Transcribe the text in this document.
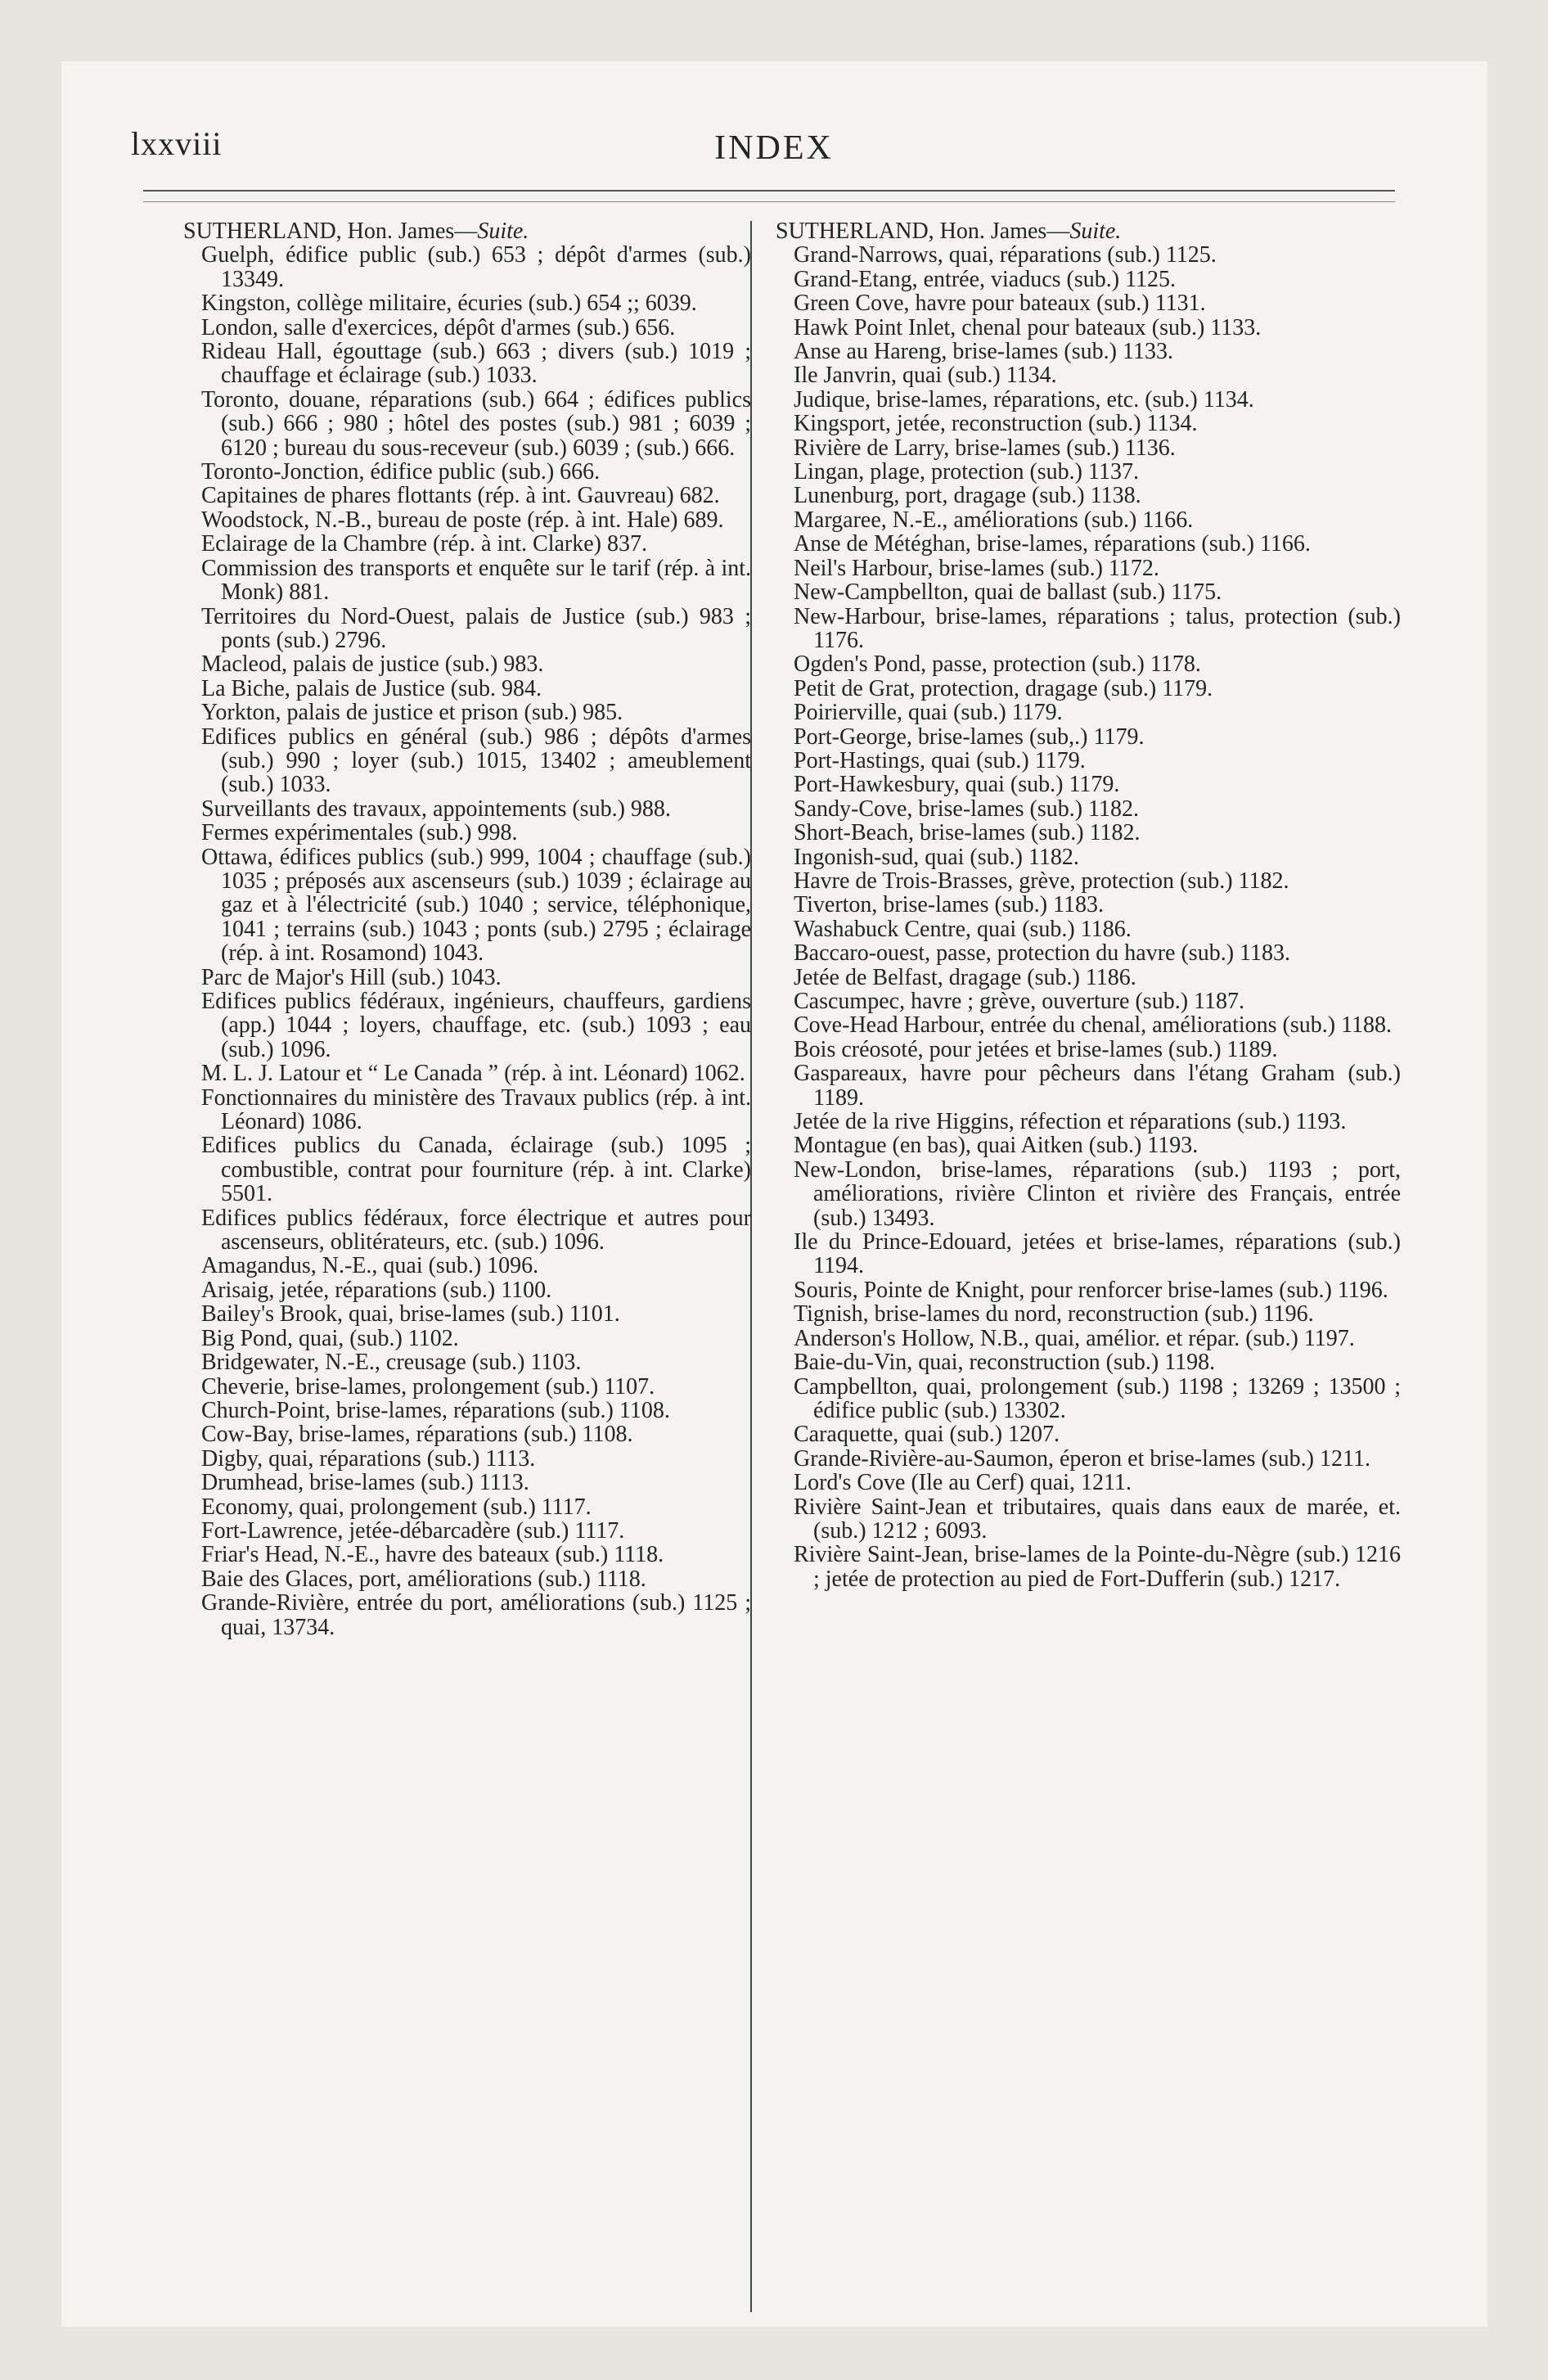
lxxviii	INDEX
SUTHERLAND, Hon. James—Suite.
Guelph, édifice public (sub.) 653 ; dépôt d'armes (sub.) 13349.
Kingston, collège militaire, écuries (sub.) 654 ;; 6039.
London, salle d'exercices, dépôt d'armes (sub.) 656.
Rideau Hall, égouttage (sub.) 663 ; divers (sub.) 1019 ; chauffage et éclairage (sub.) 1033.
Toronto, douane, réparations (sub.) 664 ; édifices publics (sub.) 666 ; 980 ; hôtel des postes (sub.) 981 ; 6039 ; 6120 ; bureau du sous-receveur (sub.) 6039 ; (sub.) 666.
Toronto-Jonction, édifice public (sub.) 666.
Capitaines de phares flottants (rép. à int. Gauvreau) 682.
Woodstock, N.-B., bureau de poste (rép. à int. Hale) 689.
Eclairage de la Chambre (rép. à int. Clarke) 837.
Commission des transports et enquête sur le tarif (rép. à int. Monk) 881.
Territoires du Nord-Ouest, palais de Justice (sub.) 983 ; ponts (sub.) 2796.
Macleod, palais de justice (sub.) 983.
La Biche, palais de Justice (sub. 984.
Yorkton, palais de justice et prison (sub.) 985.
Edifices publics en général (sub.) 986 ; dépôts d'armes (sub.) 990 ; loyer (sub.) 1015, 13402 ; ameublement (sub.) 1033.
Surveillants des travaux, appointements (sub.) 988.
Fermes expérimentales (sub.) 998.
Ottawa, édifices publics (sub.) 999, 1004 ; chauffage (sub.) 1035 ; préposés aux ascenseurs (sub.) 1039 ; éclairage au gaz et à l'électricité (sub.) 1040 ; service, téléphonique, 1041 ; terrains (sub.) 1043 ; ponts (sub.) 2795 ; éclairage (rép. à int. Rosamond) 1043.
Parc de Major's Hill (sub.) 1043.
Edifices publics fédéraux, ingénieurs, chauffeurs, gardiens (app.) 1044 ; loyers, chauffage, etc. (sub.) 1093 ; eau (sub.) 1096.
M. L. J. Latour et “ Le Canada ” (rép. à int. Léonard) 1062.
Fonctionnaires du ministère des Travaux publics (rép. à int. Léonard) 1086.
Edifices publics du Canada, éclairage (sub.) 1095 ; combustible, contrat pour fourniture (rép. à int. Clarke) 5501.
Edifices publics fédéraux, force électrique et autres pour ascenseurs, oblitérateurs, etc. (sub.) 1096.
Amagandus, N.-E., quai (sub.) 1096.
Arisaig, jetée, réparations (sub.) 1100.
Bailey's Brook, quai, brise-lames (sub.) 1101.
Big Pond, quai, (sub.) 1102.
Bridgewater, N.-E., creusage (sub.) 1103.
Cheverie, brise-lames, prolongement (sub.) 1107.
Church-Point, brise-lames, réparations (sub.) 1108.
Cow-Bay, brise-lames, réparations (sub.) 1108.
Digby, quai, réparations (sub.) 1113.
Drumhead, brise-lames (sub.) 1113.
Economy, quai, prolongement (sub.) 1117.
Fort-Lawrence, jetée-débarcadère (sub.) 1117.
Friar's Head, N.-E., havre des bateaux (sub.) 1118.
Baie des Glaces, port, améliorations (sub.) 1118.
Grande-Rivière, entrée du port, améliorations (sub.) 1125 ; quai, 13734.
SUTHERLAND, Hon. James—Suite.
Grand-Narrows, quai, réparations (sub.) 1125.
Grand-Etang, entrée, viaducs (sub.) 1125.
Green Cove, havre pour bateaux (sub.) 1131.
Hawk Point Inlet, chenal pour bateaux (sub.) 1133.
Anse au Hareng, brise-lames (sub.) 1133.
Ile Janvrin, quai (sub.) 1134.
Judique, brise-lames, réparations, etc. (sub.) 1134.
Kingsport, jetée, reconstruction (sub.) 1134.
Rivière de Larry, brise-lames (sub.) 1136.
Lingan, plage, protection (sub.) 1137.
Lunenburg, port, dragage (sub.) 1138.
Margaree, N.-E., améliorations (sub.) 1166.
Anse de Météghan, brise-lames, réparations (sub.) 1166.
Neil's Harbour, brise-lames (sub.) 1172.
New-Campbellton, quai de ballast (sub.) 1175.
New-Harbour, brise-lames, réparations ; talus, protection (sub.) 1176.
Ogden's Pond, passe, protection (sub.) 1178.
Petit de Grat, protection, dragage (sub.) 1179.
Poirierville, quai (sub.) 1179.
Port-George, brise-lames (sub,.) 1179.
Port-Hastings, quai (sub.) 1179.
Port-Hawkesbury, quai (sub.) 1179.
Sandy-Cove, brise-lames (sub.) 1182.
Short-Beach, brise-lames (sub.) 1182.
Ingonish-sud, quai (sub.) 1182.
Havre de Trois-Brasses, grève, protection (sub.) 1182.
Tiverton, brise-lames (sub.) 1183.
Washabuck Centre, quai (sub.) 1186.
Baccaro-ouest, passe, protection du havre (sub.) 1183.
Jetée de Belfast, dragage (sub.) 1186.
Cascumpec, havre ; grève, ouverture (sub.) 1187.
Cove-Head Harbour, entrée du chenal, améliorations (sub.) 1188.
Bois créosoté, pour jetées et brise-lames (sub.) 1189.
Gaspareaux, havre pour pêcheurs dans l'étang Graham (sub.) 1189.
Jetée de la rive Higgins, réfection et réparations (sub.) 1193.
Montague (en bas), quai Aitken (sub.) 1193.
New-London, brise-lames, réparations (sub.) 1193 ; port, améliorations, rivière Clinton et rivière des Français, entrée (sub.) 13493.
Ile du Prince-Edouard, jetées et brise-lames, réparations (sub.) 1194.
Souris, Pointe de Knight, pour renforcer brise-lames (sub.) 1196.
Tignish, brise-lames du nord, reconstruction (sub.) 1196.
Anderson's Hollow, N.B., quai, amélior. et répar. (sub.) 1197.
Baie-du-Vin, quai, reconstruction (sub.) 1198.
Campbellton, quai, prolongement (sub.) 1198 ; 13269 ; 13500 ; édifice public (sub.) 13302.
Caraquette, quai (sub.) 1207.
Grande-Rivière-au-Saumon, éperon et brise-lames (sub.) 1211.
Lord's Cove (Ile au Cerf) quai, 1211.
Rivière Saint-Jean et tributaires, quais dans eaux de marée, et. (sub.) 1212 ; 6093.
Rivière Saint-Jean, brise-lames de la Pointe-du-Nègre (sub.) 1216 ; jetée de protection au pied de Fort-Dufferin (sub.) 1217.
